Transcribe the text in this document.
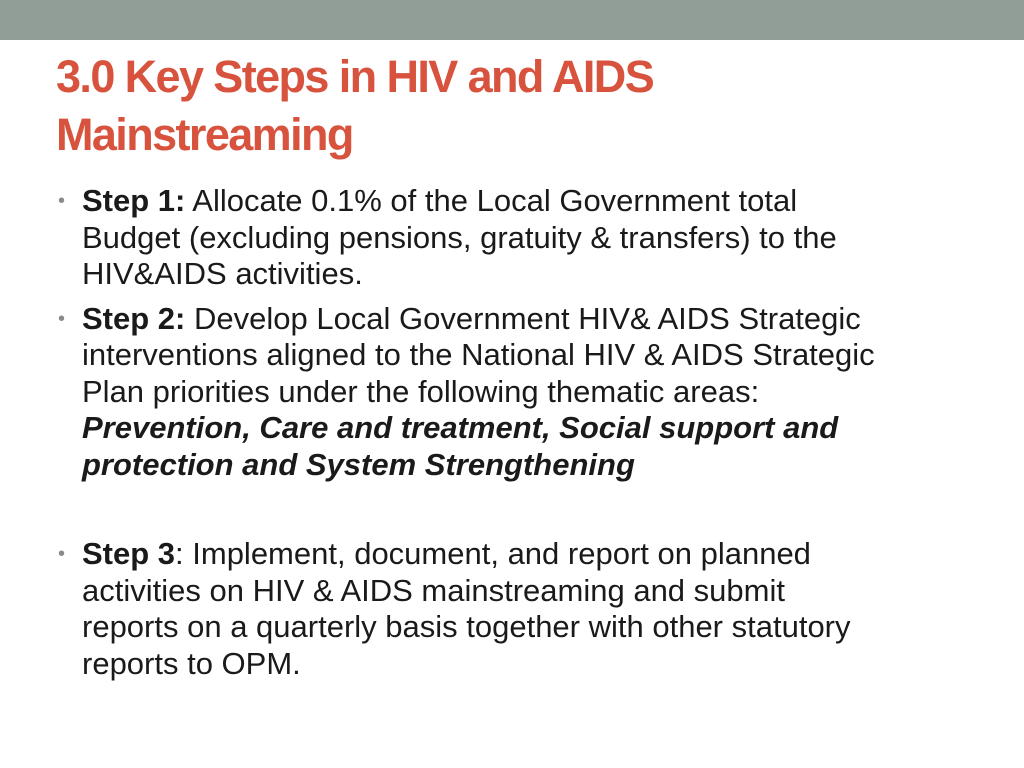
3.0 Key Steps in HIV and AIDS
Mainstreaming
• Step 1: Allocate 0.1% of the Local Government total
Budget (excluding pensions, gratuity & transfers) to the
HIV&AIDS activities.
• Step 2: Develop Local Government HIV& AIDS Strategic
interventions aligned to the National HIV & AIDS Strategic
Plan priorities under the following thematic areas:
Prevention, Care and treatment, Social support and
protection and System Strengthening
• Step 3: Implement, document, and report on planned
activities on HIV & AIDS mainstreaming and submit
reports on a quarterly basis together with other statutory
reports to OPM.
